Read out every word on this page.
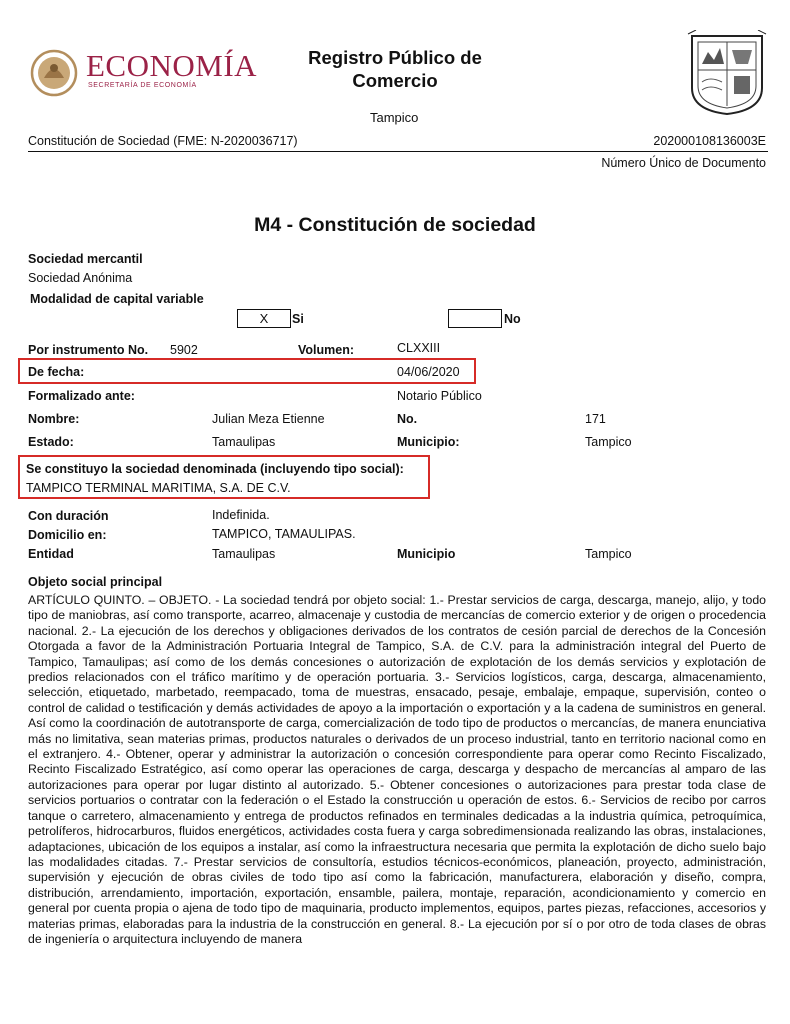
ECONOMÍA
SECRETARÍA DE ECONOMÍA
Registro Público de
Comercio
Tampico
Constitución de Sociedad (FME: N-2020036717)	202000108136003E
Número Único de Documento
M4 - Constitución de sociedad
Sociedad mercantil
Sociedad Anónima
Modalidad de capital variable
X	Si	No
Por instrumento No. 5902	Volumen:	CLXXIII
De fecha:	04/06/2020
Formalizado ante:	Notario Público
Nombre:	Julian Meza Etienne	No.	171
Estado:	Tamaulipas	Municipio:	Tampico
Se constituyo la sociedad denominada (incluyendo tipo social):
TAMPICO TERMINAL MARITIMA, S.A. DE C.V.
Con duración	Indefinida.
Domicilio en:	TAMPICO, TAMAULIPAS.
Entidad	Tamaulipas	Municipio	Tampico
Objeto social principal
ARTÍCULO QUINTO. – OBJETO. - La sociedad tendrá por objeto social: 1.- Prestar servicios de carga, descarga, manejo, alijo, y todo tipo de maniobras, así como transporte, acarreo, almacenaje y custodia de mercancías de comercio exterior y de origen o procedencia nacional. 2.- La ejecución de los derechos y obligaciones derivados de los contratos de cesión parcial de derechos de la Concesión Otorgada a favor de la Administración Portuaria Integral de Tampico, S.A. de C.V. para la administración integral del Puerto de Tampico, Tamaulipas; así como de los demás concesiones o autorización de explotación de los demás servicios y explotación de predios relacionados con el tráfico marítimo y de operación portuaria. 3.- Servicios logísticos, carga, descarga, almacenamiento, selección, etiquetado, marbetado, reempacado, toma de muestras, ensacado, pesaje, embalaje, empaque, supervisión, conteo o control de calidad o testificación y demás actividades de apoyo a la importación o exportación y a la cadena de suministros en general. Así como la coordinación de autotransporte de carga, comercialización de todo tipo de productos o mercancías, de manera enunciativa más no limitativa, sean materias primas, productos naturales o derivados de un proceso industrial, tanto en territorio nacional como en el extranjero. 4.- Obtener, operar y administrar la autorización o concesión correspondiente para operar como Recinto Fiscalizado, Recinto Fiscalizado Estratégico, así como operar las operaciones de carga, descarga y despacho de mercancías al amparo de las autorizaciones para operar por lugar distinto al autorizado. 5.- Obtener concesiones o autorizaciones para prestar toda clase de servicios portuarios o contratar con la federación o el Estado la construcción u operación de estos. 6.- Servicios de recibo por carros tanque o carretero, almacenamiento y entrega de productos refinados en terminales dedicadas a la industria química, petroquímica, petrolíferos, hidrocarburos, fluidos energéticos, actividades costa fuera y carga sobredimensionada realizando las obras, instalaciones, adaptaciones, ubicación de los equipos a instalar, así como la infraestructura necesaria que permita la explotación de dicho suelo bajo las modalidades citadas. 7.- Prestar servicios de consultoría, estudios técnicos-económicos, planeación, proyecto, administración, supervisión y ejecución de obras civiles de todo tipo así como la fabricación, manufacturera, elaboración y diseño, compra, distribución, arrendamiento, importación, exportación, ensamble, pailera, montaje, reparación, acondicionamiento y comercio en general por cuenta propia o ajena de todo tipo de maquinaria, producto implementos, equipos, partes piezas, refacciones, accesorios y materias primas, elaboradas para la industria de la construcción en general. 8.- La ejecución por sí o por otro de toda clases de obras de ingeniería o arquitectura incluyendo de manera
